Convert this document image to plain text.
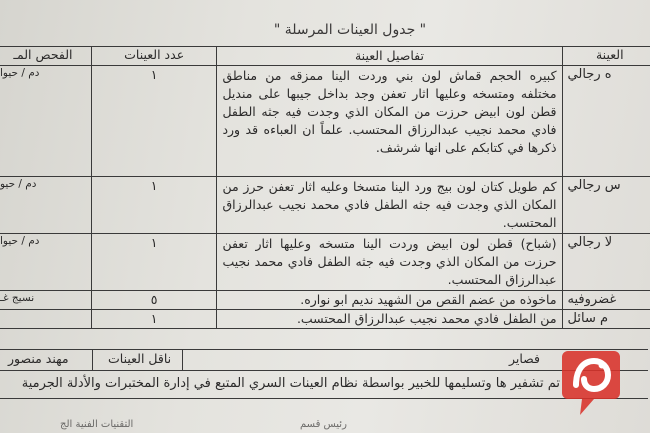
" جدول العينات المرسلة "
العينة	تفاصيل العينة	عدد العينات	الفحص المـ
ه رجالي	كبيره الحجم قماش لون بني وردت الينا ممزقه من مناطق مختلفه ومتسخه وعليها اثار تعفن وجد بداخل جيبها على منديل قطن لون ابيض حرزت من المكان الذي وجدت فيه جثه الطفل فادي محمد نجيب عبدالرزاق المحتسب. علماً ان العباءه قد ورد ذكرها في كتابكم على انها شرشف.	١	دم / حيوا
س رجالي	كم طويل كتان لون بيج ورد الينا متسخا وعليه اثار تعفن حرز من المكان الذي وجدت فيه جثه الطفل فادي محمد نجيب عبدالرزاق المحتسب.	١	دم / حيو
لا رجالي	(شباح) قطن لون ابيض وردت الينا متسخه وعليها اثار تعفن حرزت من المكان الذي وجدت فيه جثه الطفل فادي محمد نجيب عبدالرزاق المحتسب.	١	دم / حيوا
غضروفيه	ماخوذه من عضم القص من الشهيد نديم ابو نواره.	٥	نسيج غـ
م سائل	من الطفل فادي محمد نجيب عبدالرزاق المحتسب.	١	
فصاير
ناقل العينات
مهند منصور
تم تشفير ها وتسليمها للخبير بواسطة نظام العينات السري المتبع في إدارة المختبرات والأدلة الجرمية
التقنيات الفنية الج	رئيس قسم
